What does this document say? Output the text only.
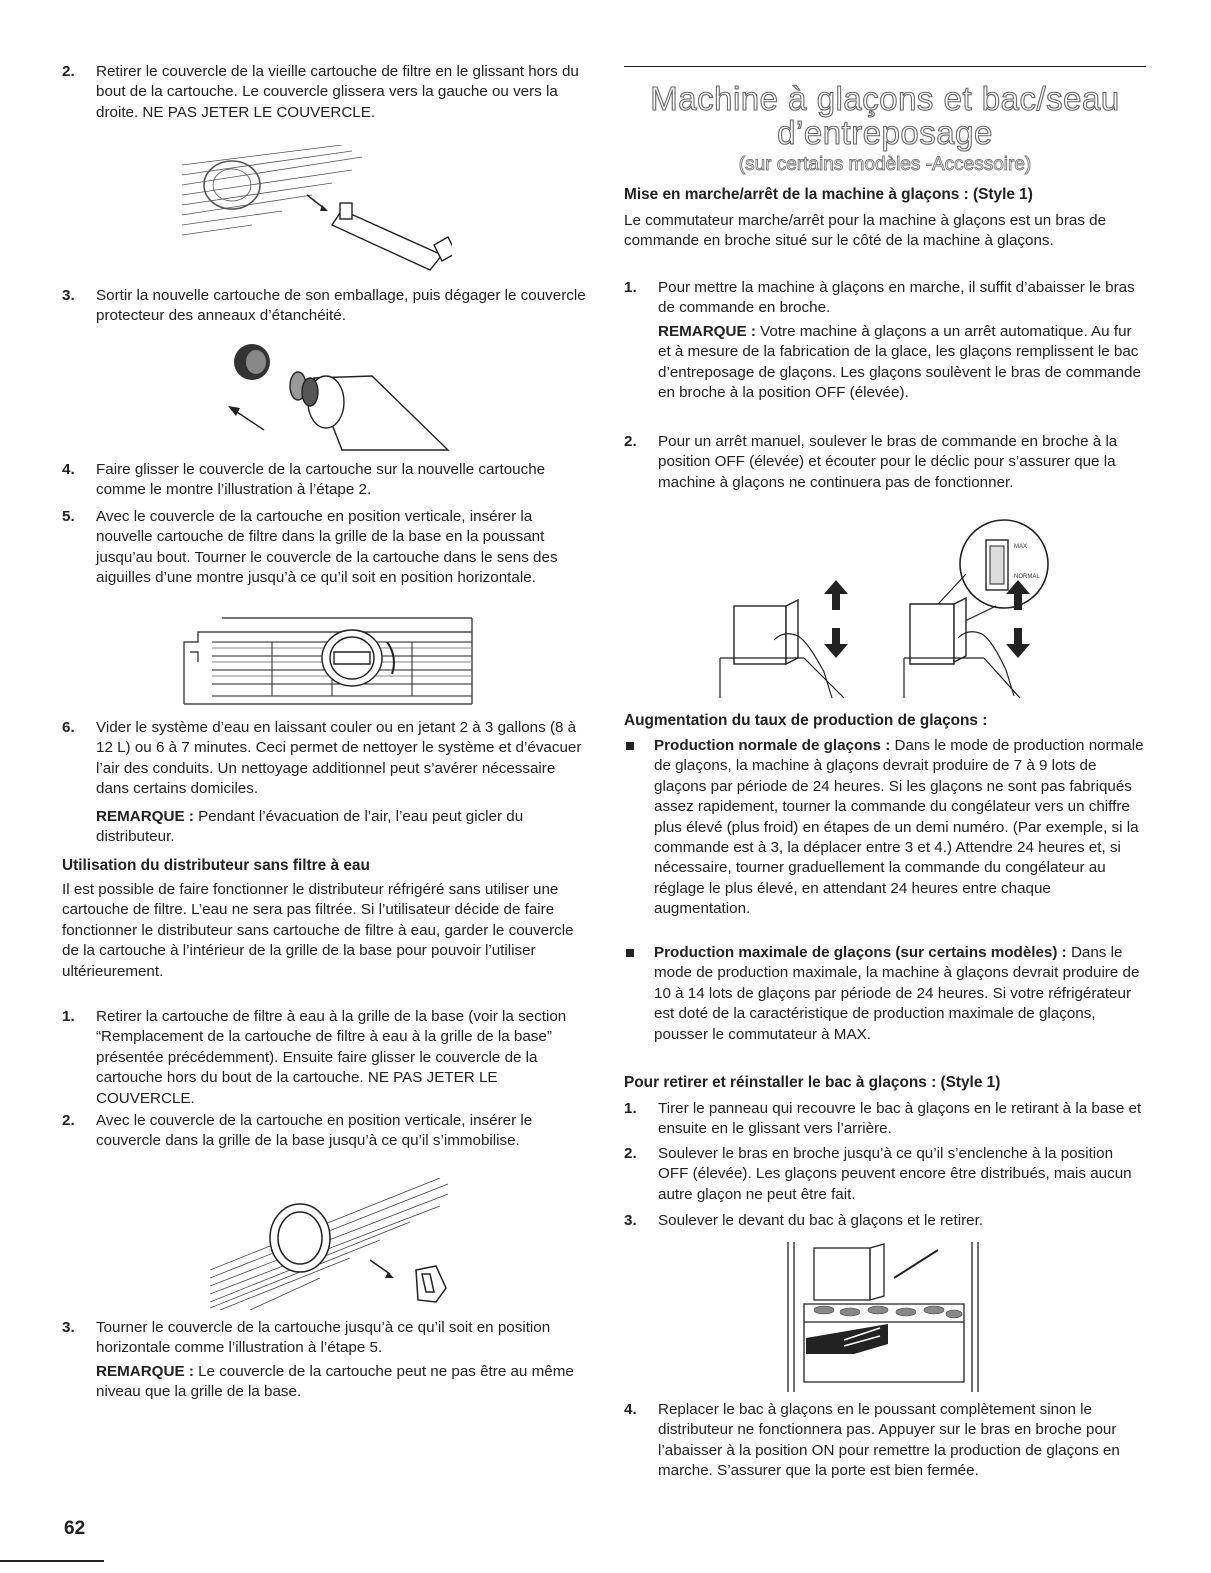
2. Retirer le couvercle de la vieille cartouche de filtre en le glissant hors du bout de la cartouche. Le couvercle glissera vers la gauche ou vers la droite. NE PAS JETER LE COUVERCLE.

3. Sortir la nouvelle cartouche de son emballage, puis dégager le couvercle protecteur des anneaux d’étanchéité.

4. Faire glisser le couvercle de la cartouche sur la nouvelle cartouche comme le montre l’illustration à l’étape 2.

5. Avec le couvercle de la cartouche en position verticale, insérer la nouvelle cartouche de filtre dans la grille de la base en la poussant jusqu’au bout. Tourner le couvercle de la cartouche dans le sens des aiguilles d’une montre jusqu’à ce qu’il soit en position horizontale.

6. Vider le système d’eau en laissant couler ou en jetant 2 à 3 gallons (8 à 12 L) ou 6 à 7 minutes. Ceci permet de nettoyer le système et d’évacuer l’air des conduits. Un nettoyage additionnel peut s’avérer nécessaire dans certains domiciles.

REMARQUE : Pendant l’évacuation de l’air, l’eau peut gicler du distributeur.

Utilisation du distributeur sans filtre à eau

Il est possible de faire fonctionner le distributeur réfrigéré sans utiliser une cartouche de filtre. L’eau ne sera pas filtrée. Si l’utilisateur décide de faire fonctionner le distributeur sans cartouche de filtre à eau, garder le couvercle de la cartouche à l’intérieur de la grille de la base pour pouvoir l’utiliser ultérieurement.

1. Retirer la cartouche de filtre à eau à la grille de la base (voir la section “Remplacement de la cartouche de filtre à eau à la grille de la base” présentée précédemment). Ensuite faire glisser le couvercle de la cartouche hors du bout de la cartouche. NE PAS JETER LE COUVERCLE.

2. Avec le couvercle de la cartouche en position verticale, insérer le couvercle dans la grille de la base jusqu’à ce qu’il s’immobilise.

3. Tourner le couvercle de la cartouche jusqu’à ce qu’il soit en position horizontale comme l’illustration à l’étape 5.

REMARQUE : Le couvercle de la cartouche peut ne pas être au même niveau que la grille de la base.

Machine à glaçons et bac/seau
d’entreposage
(sur certains modèles -Accessoire)
Mise en marche/arrêt de la machine à glaçons : (Style 1)

Le commutateur marche/arrêt pour la machine à glaçons est un bras de commande en broche situé sur le côté de la machine à glaçons.

1. Pour mettre la machine à glaçons en marche, il suffit d’abaisser le bras de commande en broche.

REMARQUE : Votre machine à glaçons a un arrêt automatique. Au fur et à mesure de la fabrication de la glace, les glaçons remplissent le bac d’entreposage de glaçons. Les glaçons soulèvent le bras de commande en broche à la position OFF (élevée).

2. Pour un arrêt manuel, soulever le bras de commande en broche à la position OFF (élevée) et écouter pour le déclic pour s’assurer que la machine à glaçons ne continuera pas de fonctionner.

MAX
NORMAL
Augmentation du taux de production de glaçons :

Production normale de glaçons : Dans le mode de production normale de glaçons, la machine à glaçons devrait produire de 7 à 9 lots de glaçons par période de 24 heures. Si les glaçons ne sont pas fabriqués assez rapidement, tourner la commande du congélateur vers un chiffre plus élevé (plus froid) en étapes de un demi numéro. (Par exemple, si la commande est à 3, la déplacer entre 3 et 4.) Attendre 24 heures et, si nécessaire, tourner graduellement la commande du congélateur au réglage le plus élevé, en attendant 24 heures entre chaque augmentation.

Production maximale de glaçons (sur certains modèles) : Dans le mode de production maximale, la machine à glaçons devrait produire de 10 à 14 lots de glaçons par période de 24 heures. Si votre réfrigérateur est doté de la caractéristique de production maximale de glaçons, pousser le commutateur à MAX.

Pour retirer et réinstaller le bac à glaçons : (Style 1)
1. Tirer le panneau qui recouvre le bac à glaçons en le retirant à la base et ensuite en le glissant vers l’arrière.

2. Soulever le bras en broche jusqu’à ce qu’il s’enclenche à la position OFF (élevée). Les glaçons peuvent encore être distribués, mais aucun autre glaçon ne peut être fait.

3. Soulever le devant du bac à glaçons et le retirer.

4. Replacer le bac à glaçons en le poussant complètement sinon le distributeur ne fonctionnera pas. Appuyer sur le bras en broche pour l’abaisser à la position ON pour remettre la production de glaçons en marche. S’assurer que la porte est bien fermée.

62
